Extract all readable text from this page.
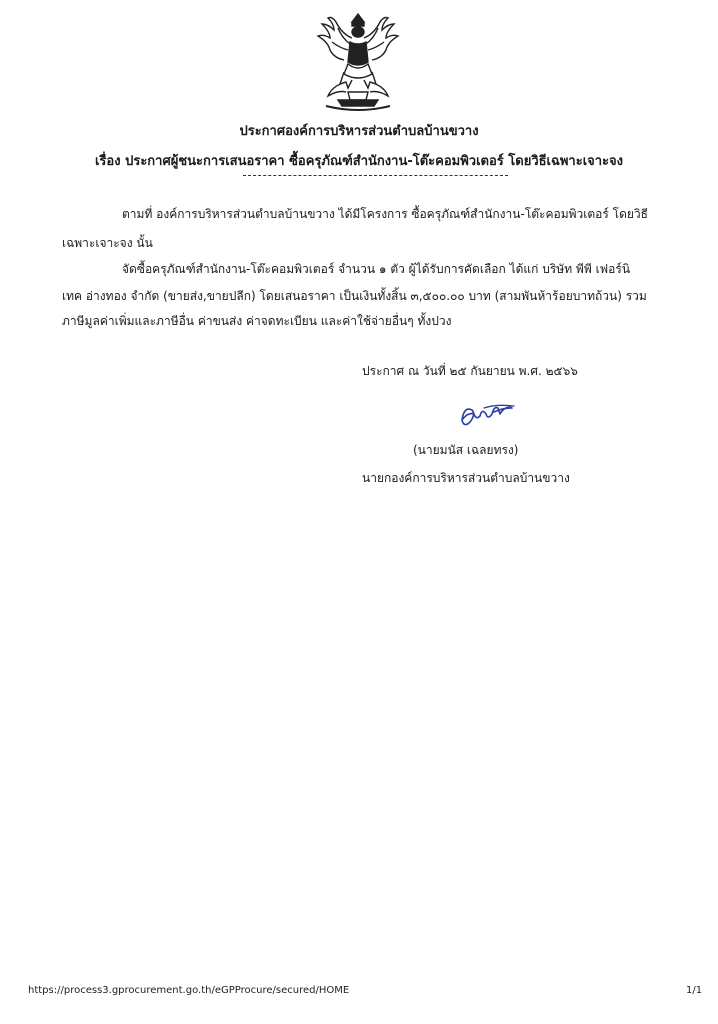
ประกาศองค์การบริหารส่วนตำบลบ้านขวาง
เรื่อง ประกาศผู้ชนะการเสนอราคา ซื้อครุภัณฑ์สำนักงาน-โต๊ะคอมพิวเตอร์ โดยวิธีเฉพาะเจาะจง
ตามที่ องค์การบริหารส่วนตำบลบ้านขวาง ได้มีโครงการ ซื้อครุภัณฑ์สำนักงาน-โต๊ะคอมพิวเตอร์ โดยวิธี
เฉพาะเจาะจง นั้น
จัดซื้อครุภัณฑ์สำนักงาน-โต๊ะคอมพิวเตอร์ จำนวน ๑ ตัว ผู้ได้รับการคัดเลือก ได้แก่ บริษัท พีพี เฟอร์นิ
เทค อ่างทอง จำกัด (ขายส่ง,ขายปลีก) โดยเสนอราคา เป็นเงินทั้งสิ้น ๓,๕๐๐.๐๐ บาท (สามพันห้าร้อยบาทถ้วน) รวม
ภาษีมูลค่าเพิ่มและภาษีอื่น ค่าขนส่ง ค่าจดทะเบียน และค่าใช้จ่ายอื่นๆ ทั้งปวง
ประกาศ ณ วันที่ ๒๕ กันยายน พ.ศ. ๒๕๖๖
(นายมนัส เฉลยทรง)
นายกองค์การบริหารส่วนตำบลบ้านขวาง
https://process3.gprocurement.go.th/eGPProcure/secured/HOME	1/1
